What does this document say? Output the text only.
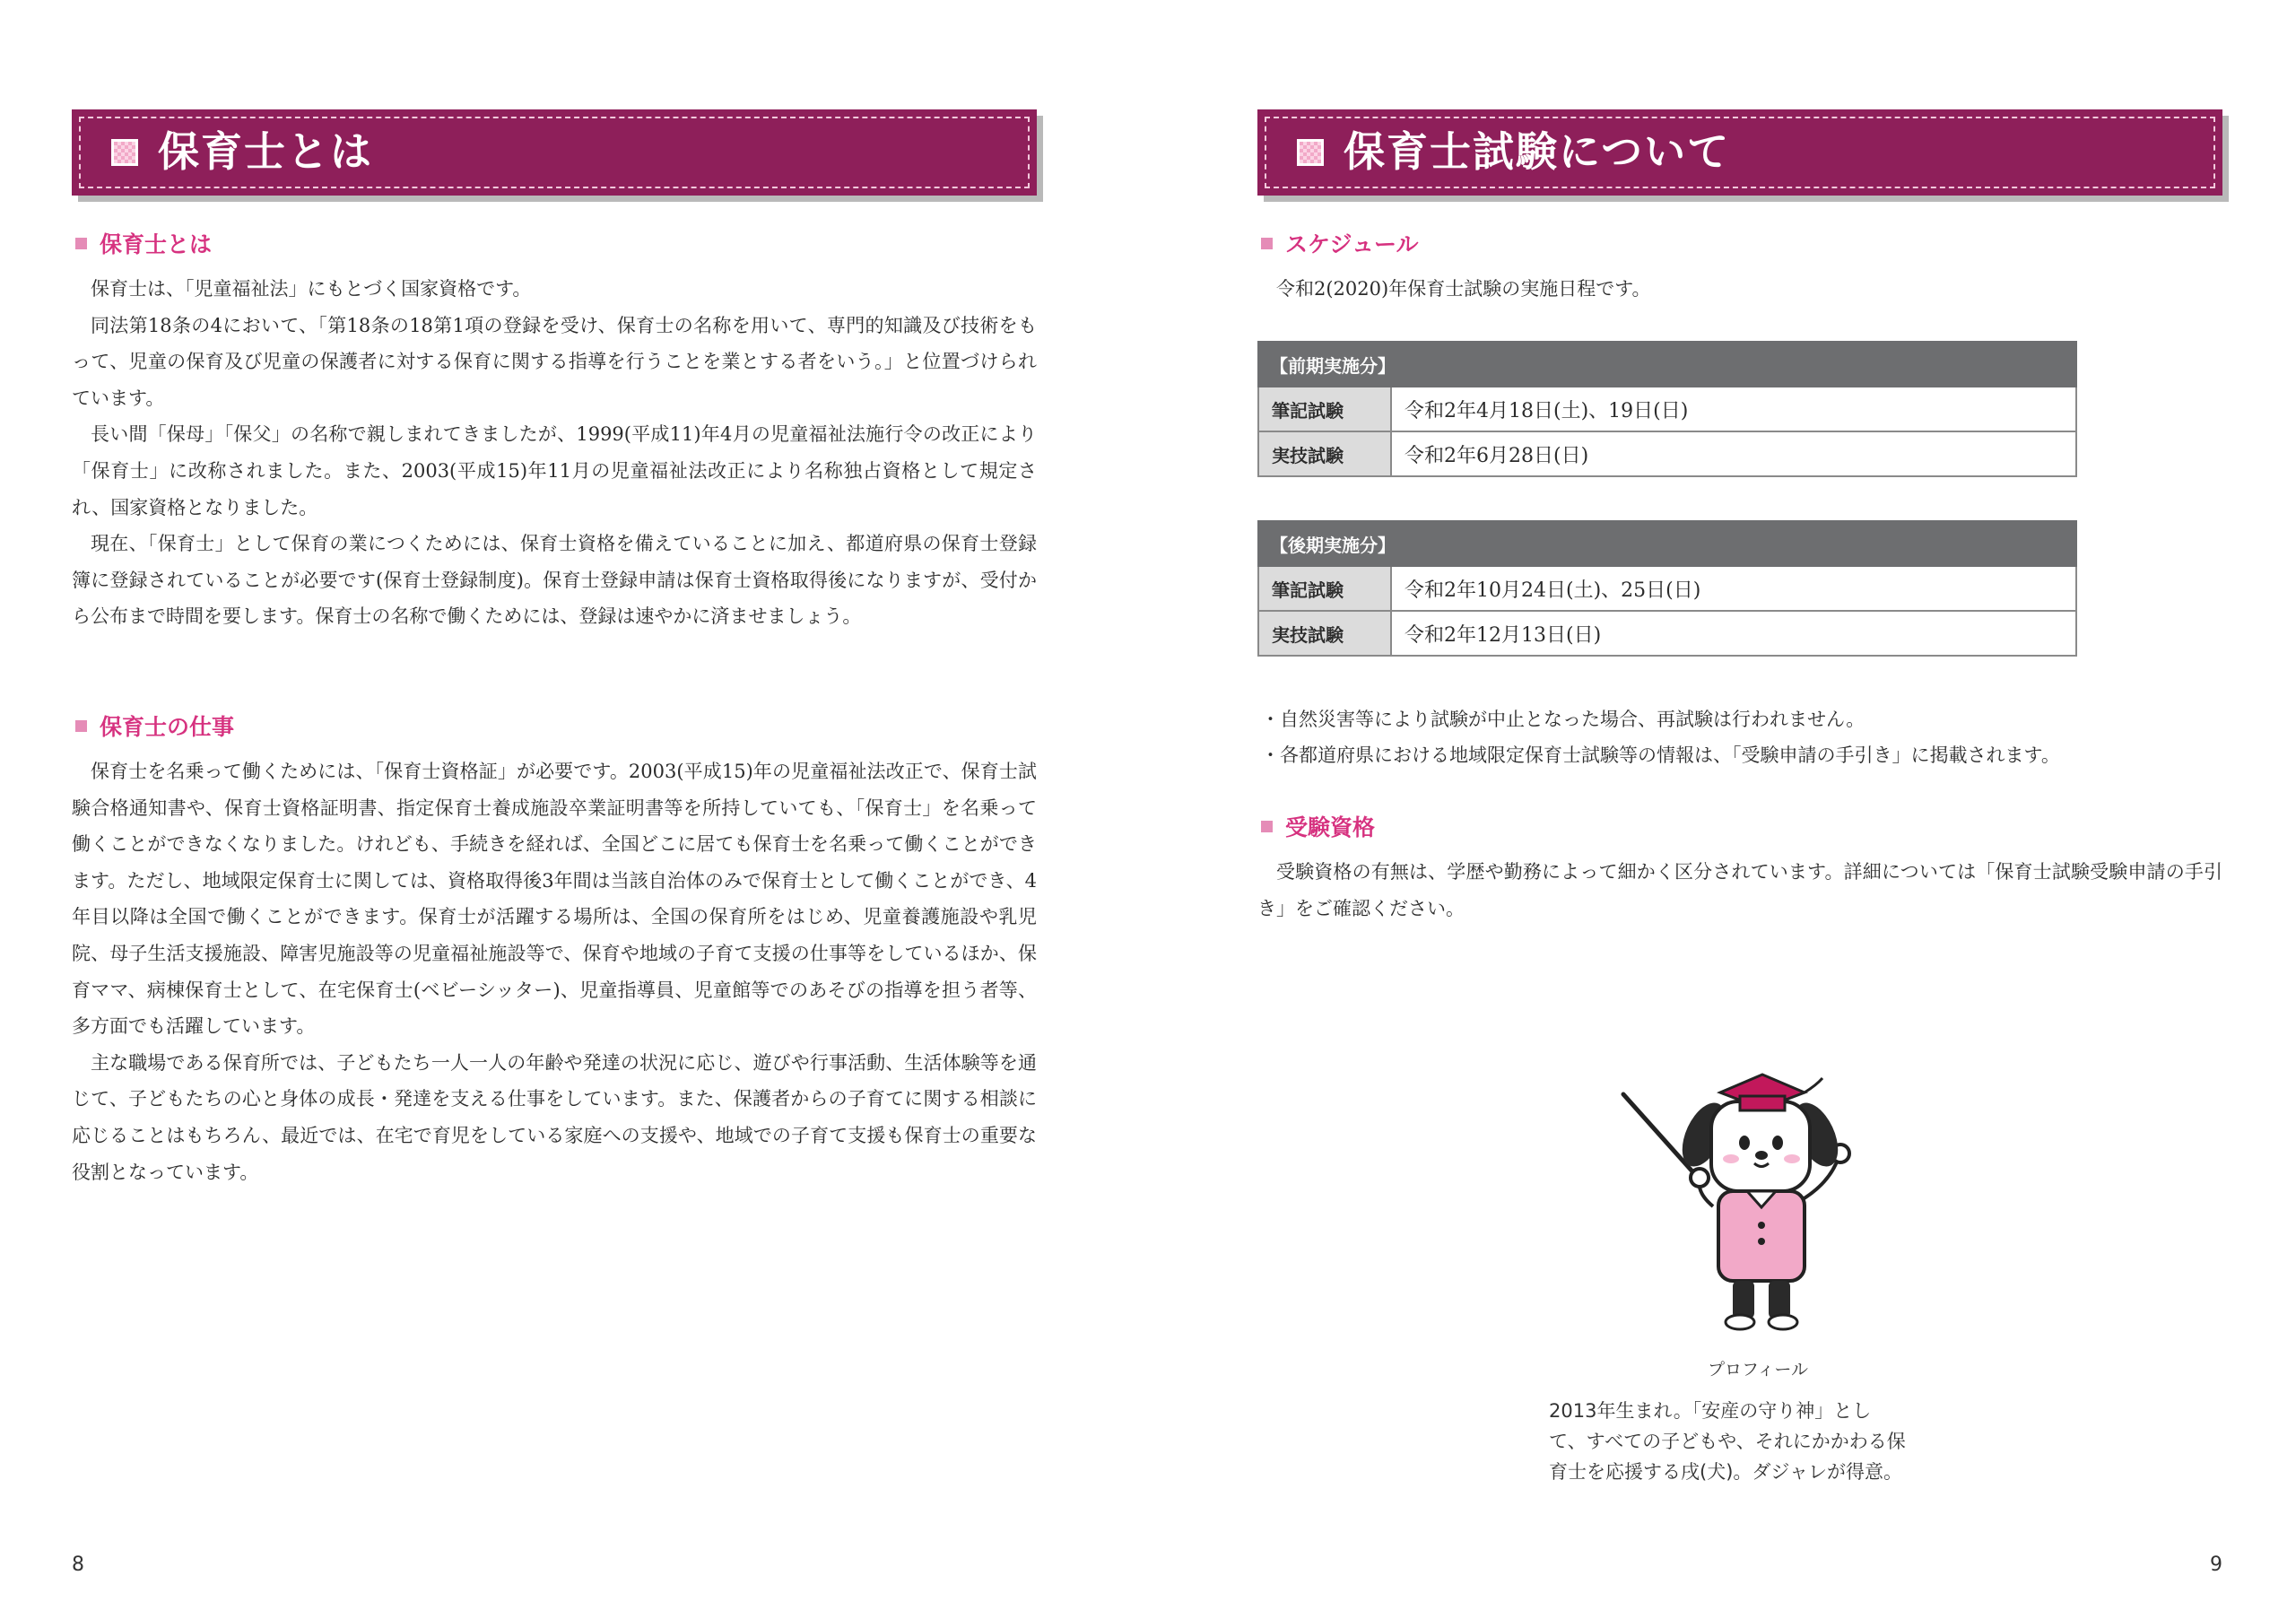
保育士とは
保育士とは

保育士は、「児童福祉法」にもとづく国家資格です。

同法第18条の4において、「第18条の18第1項の登録を受け、保育士の名称を用いて、専門的知識及び技術をもって、児童の保育及び児童の保護者に対する保育に関する指導を行うことを業とする者をいう。」と位置づけられています。

長い間「保母」「保父」の名称で親しまれてきましたが、1999(平成11)年4月の児童福祉法施行令の改正により「保育士」に改称されました。また、2003(平成15)年11月の児童福祉法改正により名称独占資格として規定され、国家資格となりました。

現在、「保育士」として保育の業につくためには、保育士資格を備えていることに加え、都道府県の保育士登録簿に登録されていることが必要です(保育士登録制度)。保育士登録申請は保育士資格取得後になりますが、受付から公布まで時間を要します。保育士の名称で働くためには、登録は速やかに済ませましょう。

保育士の仕事

保育士を名乗って働くためには、「保育士資格証」が必要です。2003(平成15)年の児童福祉法改正で、保育士試験合格通知書や、保育士資格証明書、指定保育士養成施設卒業証明書等を所持していても、「保育士」を名乗って働くことができなくなりました。けれども、手続きを経れば、全国どこに居ても保育士を名乗って働くことができます。ただし、地域限定保育士に関しては、資格取得後3年間は当該自治体のみで保育士として働くことができ、4年目以降は全国で働くことができます。保育士が活躍する場所は、全国の保育所をはじめ、児童養護施設や乳児院、母子生活支援施設、障害児施設等の児童福祉施設等で、保育や地域の子育て支援の仕事等をしているほか、保育ママ、病棟保育士として、在宅保育士(ベビーシッター)、児童指導員、児童館等でのあそびの指導を担う者等、多方面でも活躍しています。

主な職場である保育所では、子どもたち一人一人の年齢や発達の状況に応じ、遊びや行事活動、生活体験等を通じて、子どもたちの心と身体の成長・発達を支える仕事をしています。また、保護者からの子育てに関する相談に応じることはもちろん、最近では、在宅で育児をしている家庭への支援や、地域での子育て支援も保育士の重要な役割となっています。

8
保育士試験について
スケジュール

令和2(2020)年保育士試験の実施日程です。

【前期実施分】	
筆記試験	令和2年4月18日(土)、19日(日)
実技試験	令和2年6月28日(日)
【後期実施分】	
筆記試験	令和2年10月24日(土)、25日(日)
実技試験	令和2年12月13日(日)
・自然災害等により試験が中止となった場合、再試験は行われません。
・各都道府県における地域限定保育士試験等の情報は、「受験申請の手引き」に掲載されます。
受験資格

受験資格の有無は、学歴や勤務によって細かく区分されています。詳細については「保育士試験受験申請の手引き」をご確認ください。

プロフィール

2013年生まれ。「安産の守り神」として、すべての子どもや、それにかかわる保育士を応援する戌(犬)。ダジャレが得意。

9
